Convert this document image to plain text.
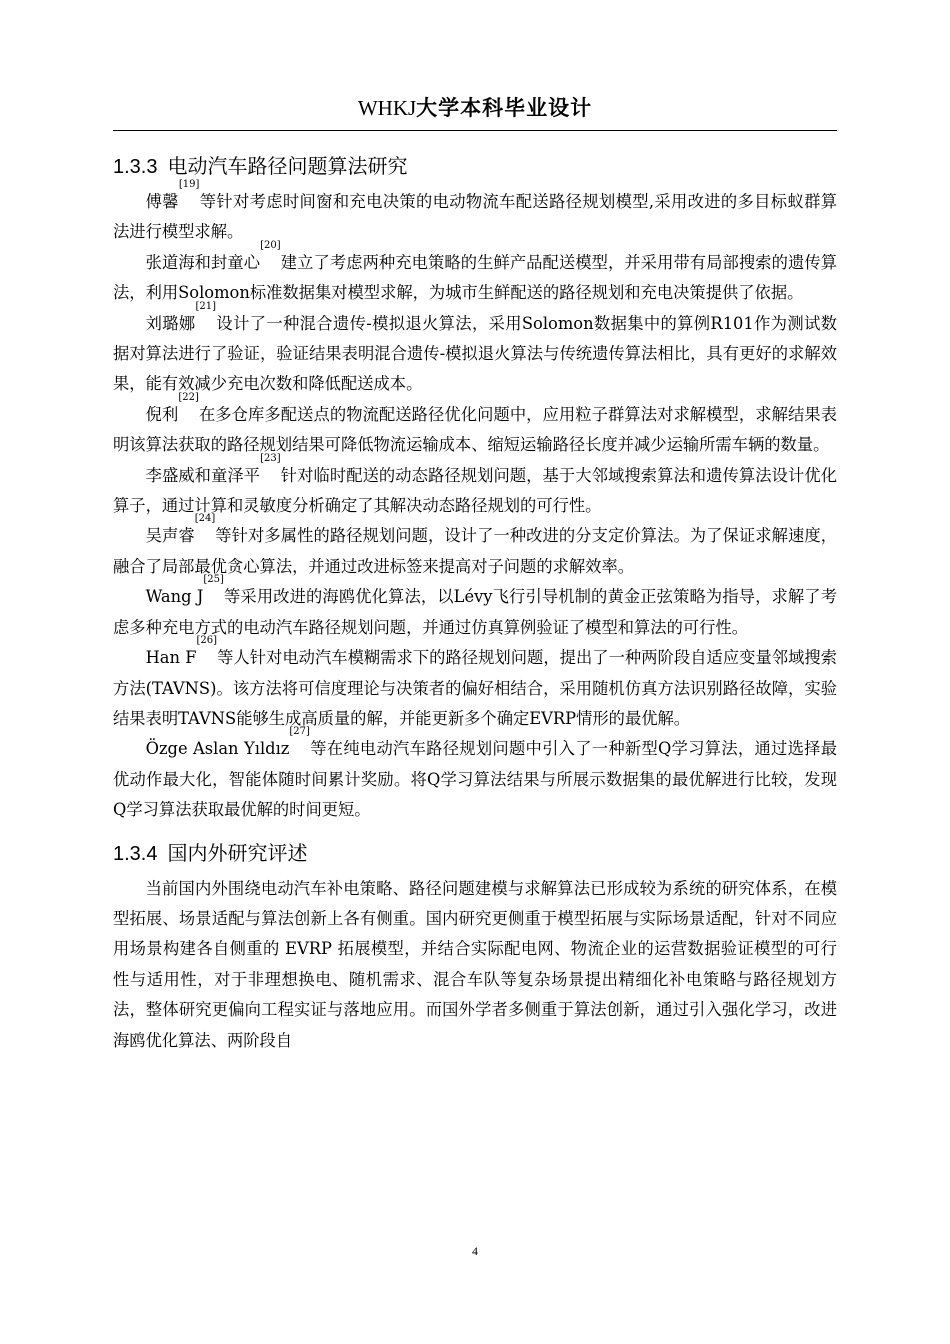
WHKJ大学本科毕业设计
1.3.3 电动汽车路径问题算法研究

傅馨[19]等针对考虑时间窗和充电决策的电动物流车配送路径规划模型,采用改进的多目标蚁群算法进行模型求解。

张道海和封童心[20]建立了考虑两种充电策略的生鲜产品配送模型，并采用带有局部搜索的遗传算法，利用Solomon标准数据集对模型求解，为城市生鲜配送的路径规划和充电决策提供了依据。

刘璐娜[21]设计了一种混合遗传-模拟退火算法，采用Solomon数据集中的算例R101作为测试数据对算法进行了验证，验证结果表明混合遗传-模拟退火算法与传统遗传算法相比，具有更好的求解效果，能有效减少充电次数和降低配送成本。

倪利[22]在多仓库多配送点的物流配送路径优化问题中，应用粒子群算法对求解模型，求解结果表明该算法获取的路径规划结果可降低物流运输成本、缩短运输路径长度并减少运输所需车辆的数量。

李盛威和童泽平[23]针对临时配送的动态路径规划问题，基于大邻域搜索算法和遗传算法设计优化算子，通过计算和灵敏度分析确定了其解决动态路径规划的可行性。

吴声睿[24]等针对多属性的路径规划问题，设计了一种改进的分支定价算法。为了保证求解速度，融合了局部最优贪心算法，并通过改进标签来提高对子问题的求解效率。

Wang J[25]等采用改进的海鸥优化算法，以Lévy飞行引导机制的黄金正弦策略为指导，求解了考虑多种充电方式的电动汽车路径规划问题，并通过仿真算例验证了模型和算法的可行性。

Han F[26]等人针对电动汽车模糊需求下的路径规划问题，提出了一种两阶段自适应变量邻域搜索方法(TAVNS)。该方法将可信度理论与决策者的偏好相结合，采用随机仿真方法识别路径故障，实验结果表明TAVNS能够生成高质量的解，并能更新多个确定EVRP情形的最优解。

Özge Aslan Yıldız[27]等在纯电动汽车路径规划问题中引入了一种新型Q学习算法，通过选择最优动作最大化，智能体随时间累计奖励。将Q学习算法结果与所展示数据集的最优解进行比较，发现Q学习算法获取最优解的时间更短。

1.3.4 国内外研究评述

当前国内外围绕电动汽车补电策略、路径问题建模与求解算法已形成较为系统的研究体系，在模型拓展、场景适配与算法创新上各有侧重。国内研究更侧重于模型拓展与实际场景适配，针对不同应用场景构建各自侧重的 EVRP 拓展模型，并结合实际配电网、物流企业的运营数据验证模型的可行性与适用性，对于非理想换电、随机需求、混合车队等复杂场景提出精细化补电策略与路径规划方法，整体研究更偏向工程实证与落地应用。而国外学者多侧重于算法创新，通过引入强化学习，改进海鸥优化算法、两阶段自

4
